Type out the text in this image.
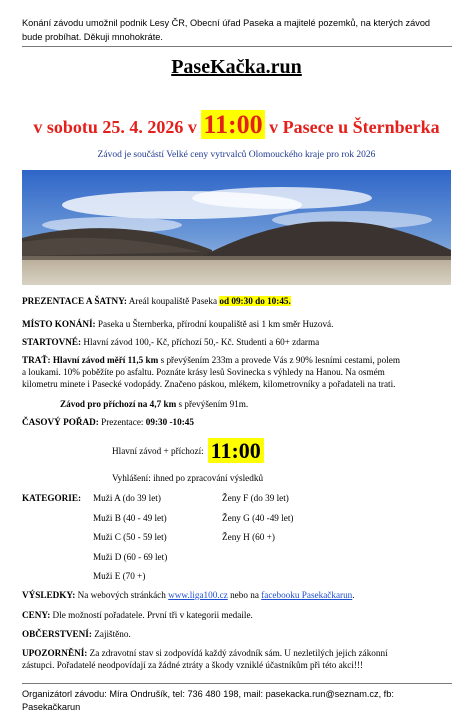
Konání závodu umožnil podnik Lesy ČR, Obecní úřad Paseka a majitelé pozemků, na kterých závod bude probíhat. Děkuji mnohokráte.
PaseKačka.run
v sobotu 25. 4. 2026 v 11:00 v Pasece u Šternberka
Závod je součástí Velké ceny vytrvalců Olomouckého kraje pro rok 2026
PREZENTACE A ŠATNY: Areál koupaliště Paseka od 09:30 do 10:45.
MÍSTO KONÁNÍ: Paseka u Šternberka, přírodní koupaliště asi 1 km směr Huzová.
STARTOVNÉ: Hlavní závod 100,- Kč, příchozí 50,- Kč. Studenti a 60+ zdarma
TRAŤ: Hlavní závod měří 11,5 km s převýšením 233m a provede Vás z 90% lesními cestami, polem
a loukami. 10% poběžíte po asfaltu. Poznáte krásy lesů Sovinecka s výhledy na Hanou. Na osmém
kilometru minete i Pasecké vodopády. Značeno páskou, mlékem, kilometrovníky a pořadateli na trati.
Závod pro příchozí na 4,7 km s převýšením 91m.
ČASOVÝ POŘAD: Prezentace: 09:30 -10:45
Hlavní závod + příchozí: 11:00
Vyhlášení: ihned po zpracování výsledků
KATEGORIE: Muži A (do 39 let)
Muži B (40 - 49 let)
Muži C (50 - 59 let)
Muži D (60 - 69 let)
Muži E (70 +)
Ženy F (do 39 let)
Ženy G (40 -49 let)
Ženy H (60 +)
VÝSLEDKY: Na webových stránkách www.liga100.cz nebo na facebooku Pasekačkarun.
CENY: Dle možností pořadatele. První tři v kategorii medaile.
OBČERSTVENÍ: Zajištěno.
UPOZORNĚNÍ: Za zdravotní stav si zodpovídá každý závodník sám. U nezletilých jejich zákonní
zástupci. Pořadatelé neodpovídají za žádné ztráty a škody vzniklé účastníkům při této akci!!!
Organizátorl závodu: Míra Ondrušík, tel: 736 480 198, mail: pasekacka.run@seznam.cz, fb:
Pasekačkarun
